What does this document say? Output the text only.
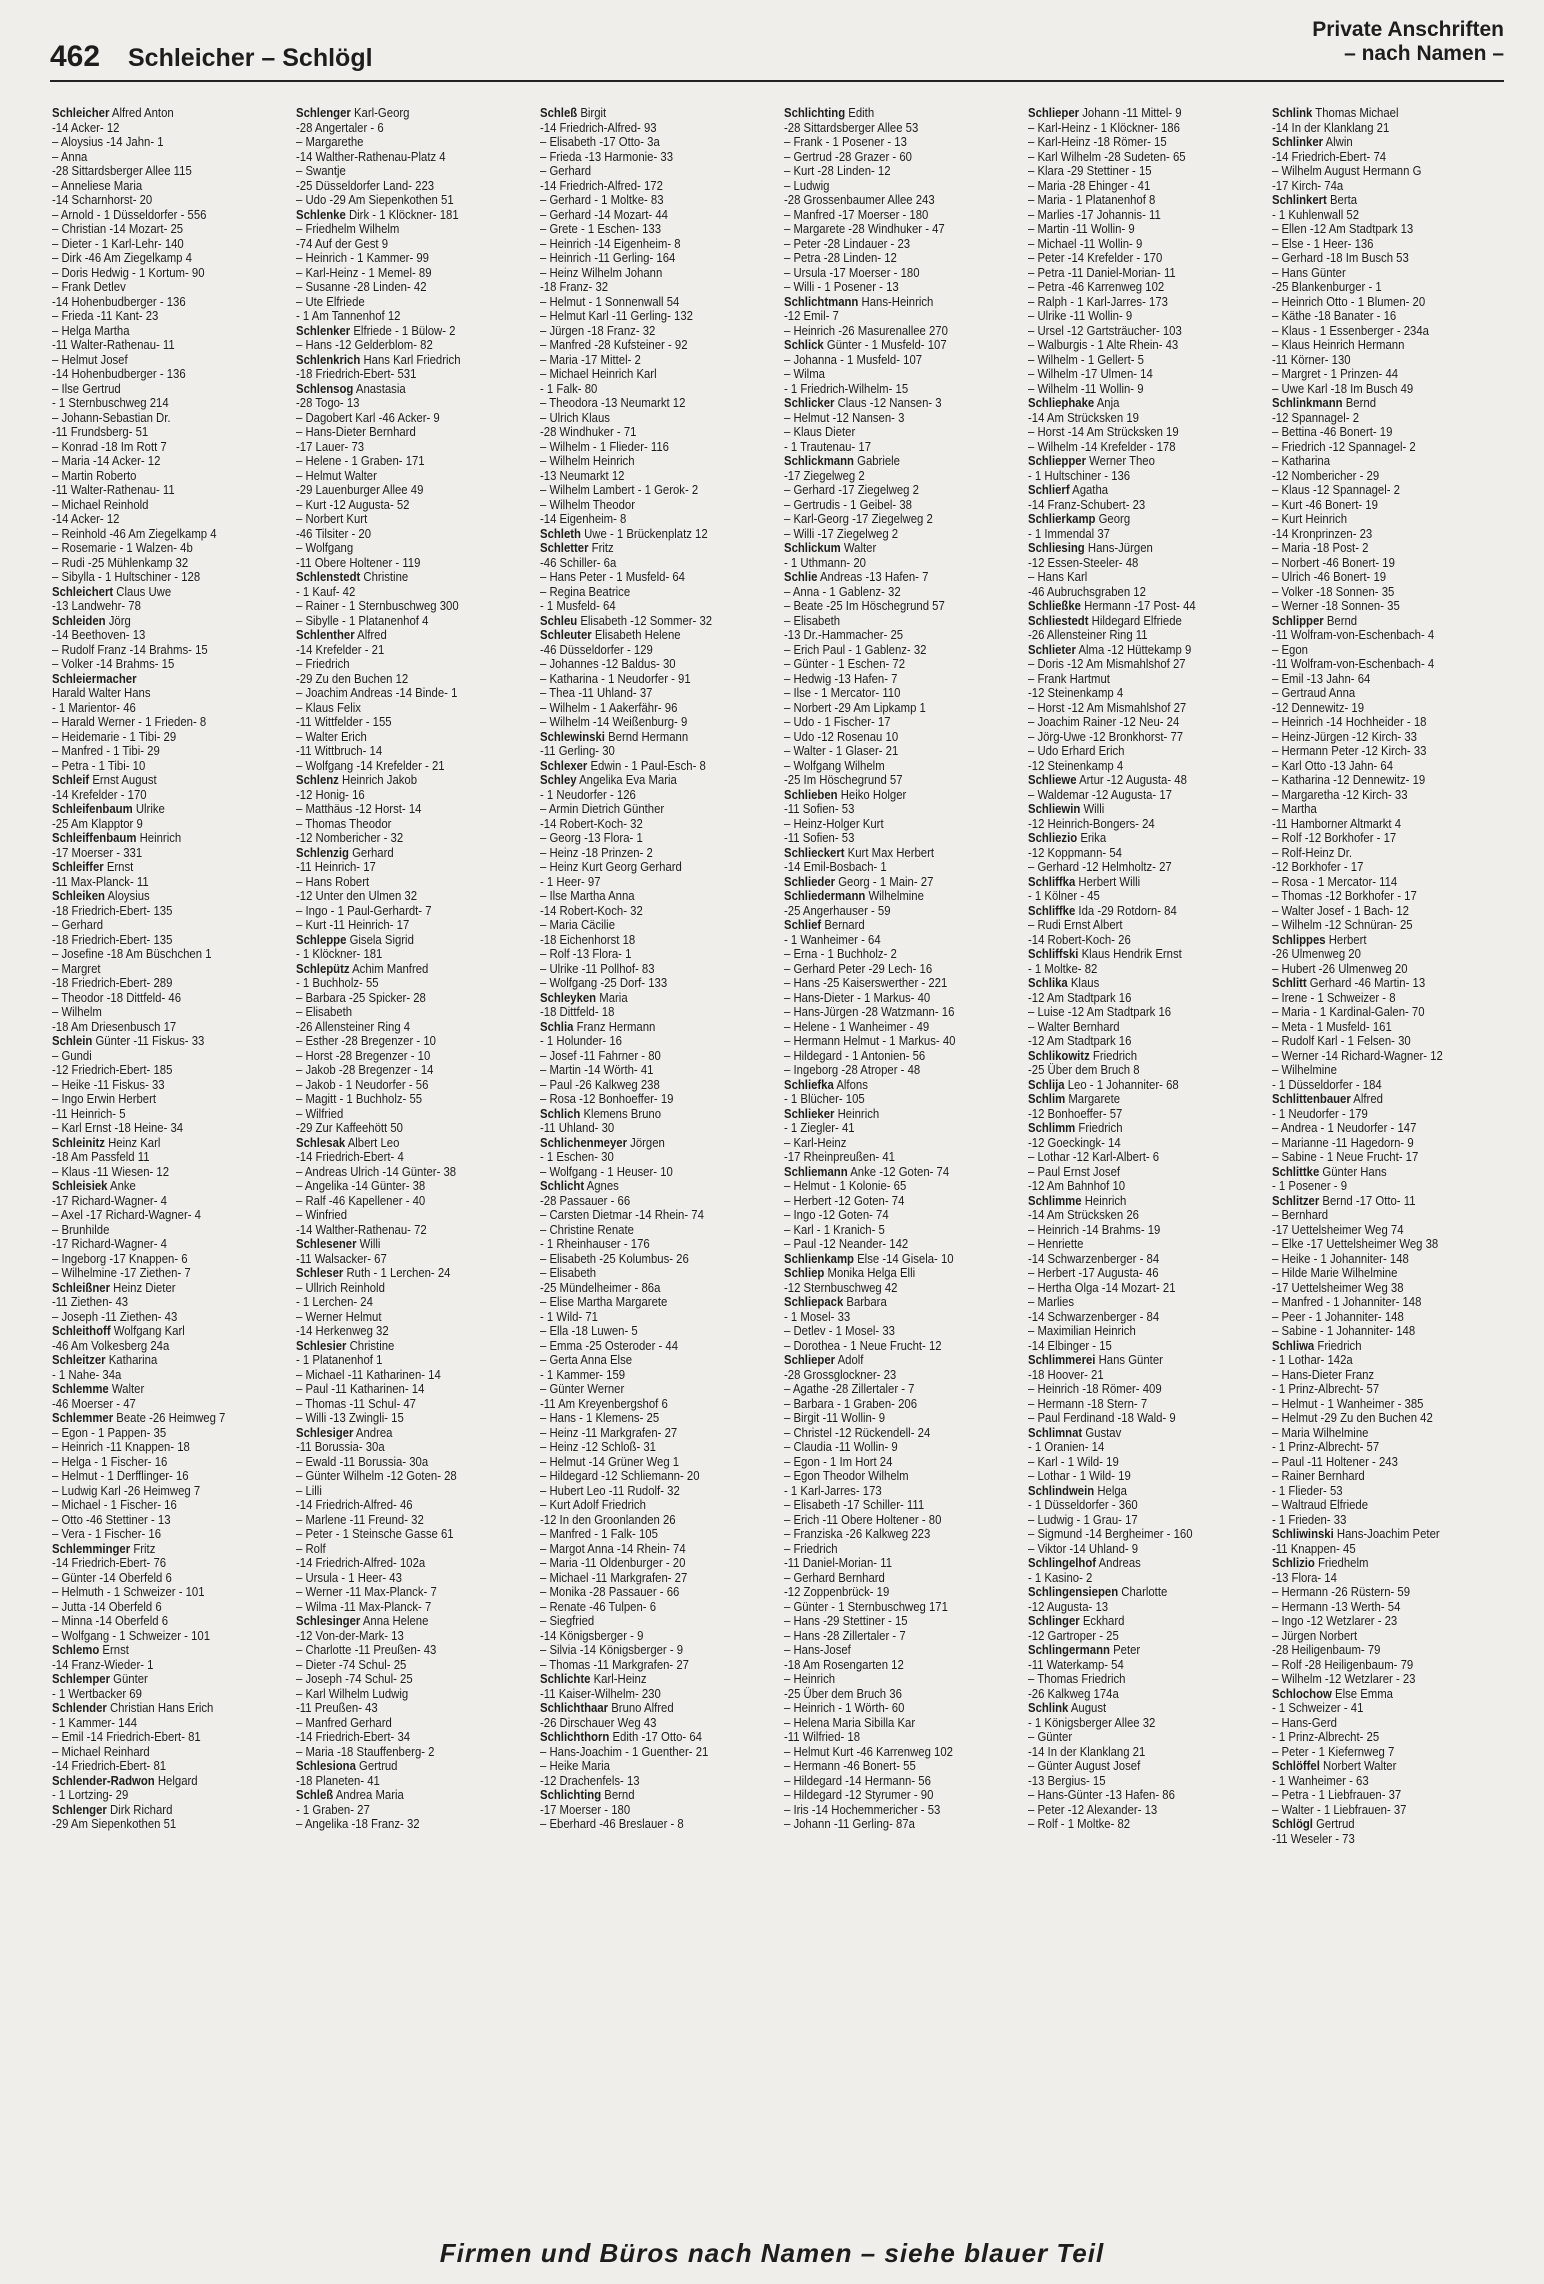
462 Schleicher – Schlögl
Private Anschriften
– nach Namen –
Schleicher Alfred Anton
-14 Acker- 12
– Aloysius -14 Jahn- 1
– Anna
-28 Sittardsberger Allee 115
– Anneliese Maria
-14 Scharnhorst- 20
– Arnold - 1 Düsseldorfer - 556
– Christian -14 Mozart- 25
– Dieter - 1 Karl-Lehr- 140
– Dirk -46 Am Ziegelkamp 4
– Doris Hedwig - 1 Kortum- 90
– Frank Detlev
-14 Hohenbudberger - 136
– Frieda -11 Kant- 23
– Helga Martha
-11 Walter-Rathenau- 11
– Helmut Josef
-14 Hohenbudberger - 136
– Ilse Gertrud
- 1 Sternbuschweg 214
– Johann-Sebastian Dr.
-11 Frundsberg- 51
– Konrad -18 Im Rott 7
– Maria -14 Acker- 12
– Martin Roberto
-11 Walter-Rathenau- 11
– Michael Reinhold
-14 Acker- 12
– Reinhold -46 Am Ziegelkamp 4
– Rosemarie - 1 Walzen- 4b
– Rudi -25 Mühlenkamp 32
– Sibylla - 1 Hultschiner - 128
Schleichert Claus Uwe
-13 Landwehr- 78
Schleiden Jörg
-14 Beethoven- 13
– Rudolf Franz -14 Brahms- 15
– Volker -14 Brahms- 15
Schleiermacher
Harald Walter Hans
- 1 Marientor- 46
– Harald Werner - 1 Frieden- 8
– Heidemarie - 1 Tibi- 29
– Manfred - 1 Tibi- 29
– Petra - 1 Tibi- 10
Schleif Ernst August
-14 Krefelder - 170
Schleifenbaum Ulrike
-25 Am Klapptor 9
Schleiffenbaum Heinrich
-17 Moerser - 331
Schleiffer Ernst
-11 Max-Planck- 11
Schleiken Aloysius
-18 Friedrich-Ebert- 135
– Gerhard
-18 Friedrich-Ebert- 135
– Josefine -18 Am Büschchen 1
– Margret
-18 Friedrich-Ebert- 289
– Theodor -18 Dittfeld- 46
– Wilhelm
-18 Am Driesenbusch 17
Schlein Günter -11 Fiskus- 33
– Gundi
-12 Friedrich-Ebert- 185
– Heike -11 Fiskus- 33
– Ingo Erwin Herbert
-11 Heinrich- 5
– Karl Ernst -18 Heine- 34
Schleinitz Heinz Karl
-18 Am Passfeld 11
– Klaus -11 Wiesen- 12
Schleisiek Anke
-17 Richard-Wagner- 4
– Axel -17 Richard-Wagner- 4
– Brunhilde
-17 Richard-Wagner- 4
– Ingeborg -17 Knappen- 6
– Wilhelmine -17 Ziethen- 7
Schleißner Heinz Dieter
-11 Ziethen- 43
– Joseph -11 Ziethen- 43
Schleithoff Wolfgang Karl
-46 Am Volkesberg 24a
Schleitzer Katharina
- 1 Nahe- 34a
Schlemme Walter
-46 Moerser - 47
Schlemmer Beate -26 Heimweg 7
– Egon - 1 Pappen- 35
– Heinrich -11 Knappen- 18
– Helga - 1 Fischer- 16
– Helmut - 1 Derfflinger- 16
– Ludwig Karl -26 Heimweg 7
– Michael - 1 Fischer- 16
– Otto -46 Stettiner - 13
– Vera - 1 Fischer- 16
Schlemminger Fritz
-14 Friedrich-Ebert- 76
– Günter -14 Oberfeld 6
– Helmuth - 1 Schweizer - 101
– Jutta -14 Oberfeld 6
– Minna -14 Oberfeld 6
– Wolfgang - 1 Schweizer - 101
Schlemo Ernst
-14 Franz-Wieder- 1
Schlemper Günter
- 1 Wertbacker 69
Schlender Christian Hans Erich
- 1 Kammer- 144
– Emil -14 Friedrich-Ebert- 81
– Michael Reinhard
-14 Friedrich-Ebert- 81
Schlender-Radwon Helgard
- 1 Lortzing- 29
Schlenger Dirk Richard
-29 Am Siepenkothen 51
Schlenger Karl-Georg
-28 Angertaler - 6
– Margarethe
-14 Walther-Rathenau-Platz 4
– Swantje
-25 Düsseldorfer Land- 223
– Udo -29 Am Siepenkothen 51
Schlenke Dirk - 1 Klöckner- 181
– Friedhelm Wilhelm
-74 Auf der Gest 9
– Heinrich - 1 Kammer- 99
– Karl-Heinz - 1 Memel- 89
– Susanne -28 Linden- 42
– Ute Elfriede
- 1 Am Tannenhof 12
Schlenker Elfriede - 1 Bülow- 2
– Hans -12 Gelderblom- 82
Schlenkrich Hans Karl Friedrich
-18 Friedrich-Ebert- 531
Schlensog Anastasia
-28 Togo- 13
– Dagobert Karl -46 Acker- 9
– Hans-Dieter Bernhard
-17 Lauer- 73
– Helene - 1 Graben- 171
– Helmut Walter
-29 Lauenburger Allee 49
– Kurt -12 Augusta- 52
– Norbert Kurt
-46 Tilsiter - 20
– Wolfgang
-11 Obere Holtener - 119
Schlenstedt Christine
- 1 Kauf- 42
– Rainer - 1 Sternbuschweg 300
– Sibylle - 1 Platanenhof 4
Schlenther Alfred
-14 Krefelder - 21
– Friedrich
-29 Zu den Buchen 12
– Joachim Andreas -14 Binde- 1
– Klaus Felix
-11 Wittfelder - 155
– Walter Erich
-11 Wittbruch- 14
– Wolfgang -14 Krefelder - 21
Schlenz Heinrich Jakob
-12 Honig- 16
– Matthäus -12 Horst- 14
– Thomas Theodor
-12 Nombericher - 32
Schlenzig Gerhard
-11 Heinrich- 17
– Hans Robert
-12 Unter den Ulmen 32
– Ingo - 1 Paul-Gerhardt- 7
– Kurt -11 Heinrich- 17
Schleppe Gisela Sigrid
- 1 Klöckner- 181
Schlepütz Achim Manfred
- 1 Buchholz- 55
– Barbara -25 Spicker- 28
– Elisabeth
-26 Allensteiner Ring 4
– Esther -28 Bregenzer - 10
– Horst -28 Bregenzer - 10
– Jakob -28 Bregenzer - 14
– Jakob - 1 Neudorfer - 56
– Magitt - 1 Buchholz- 55
– Wilfried
-29 Zur Kaffeehött 50
Schlesak Albert Leo
-14 Friedrich-Ebert- 4
– Andreas Ulrich -14 Günter- 38
– Angelika -14 Günter- 38
– Ralf -46 Kapellener - 40
– Winfried
-14 Walther-Rathenau- 72
Schlesener Willi
-11 Walsacker- 67
Schleser Ruth - 1 Lerchen- 24
– Ullrich Reinhold
- 1 Lerchen- 24
– Werner Helmut
-14 Herkenweg 32
Schlesier Christine
- 1 Platanenhof 1
– Michael -11 Katharinen- 14
– Paul -11 Katharinen- 14
– Thomas -11 Schul- 47
– Willi -13 Zwingli- 15
Schlesiger Andrea
-11 Borussia- 30a
– Ewald -11 Borussia- 30a
– Günter Wilhelm -12 Goten- 28
– Lilli
-14 Friedrich-Alfred- 46
– Marlene -11 Freund- 32
– Peter - 1 Steinsche Gasse 61
– Rolf
-14 Friedrich-Alfred- 102a
– Ursula - 1 Heer- 43
– Werner -11 Max-Planck- 7
– Wilma -11 Max-Planck- 7
Schlesinger Anna Helene
-12 Von-der-Mark- 13
– Charlotte -11 Preußen- 43
– Dieter -74 Schul- 25
– Joseph -74 Schul- 25
– Karl Wilhelm Ludwig
-11 Preußen- 43
– Manfred Gerhard
-14 Friedrich-Ebert- 34
– Maria -18 Stauffenberg- 2
Schlesiona Gertrud
-18 Planeten- 41
Schleß Andrea Maria
- 1 Graben- 27
– Angelika -18 Franz- 32
Schleß Birgit
-14 Friedrich-Alfred- 93
– Elisabeth -17 Otto- 3a
– Frieda -13 Harmonie- 33
– Gerhard
-14 Friedrich-Alfred- 172
– Gerhard - 1 Moltke- 83
– Gerhard -14 Mozart- 44
– Grete - 1 Eschen- 133
– Heinrich -14 Eigenheim- 8
– Heinrich -11 Gerling- 164
– Heinz Wilhelm Johann
-18 Franz- 32
– Helmut - 1 Sonnenwall 54
– Helmut Karl -11 Gerling- 132
– Jürgen -18 Franz- 32
– Manfred -28 Kufsteiner - 92
– Maria -17 Mittel- 2
– Michael Heinrich Karl
- 1 Falk- 80
– Theodora -13 Neumarkt 12
– Ulrich Klaus
-28 Windhuker - 71
– Wilhelm - 1 Flieder- 116
– Wilhelm Heinrich
-13 Neumarkt 12
– Wilhelm Lambert - 1 Gerok- 2
– Wilhelm Theodor
-14 Eigenheim- 8
Schleth Uwe - 1 Brückenplatz 12
Schletter Fritz
-46 Schiller- 6a
– Hans Peter - 1 Musfeld- 64
– Regina Beatrice
- 1 Musfeld- 64
Schleu Elisabeth -12 Sommer- 32
Schleuter Elisabeth Helene
-46 Düsseldorfer - 129
– Johannes -12 Baldus- 30
– Katharina - 1 Neudorfer - 91
– Thea -11 Uhland- 37
– Wilhelm - 1 Aakerfähr- 96
– Wilhelm -14 Weißenburg- 9
Schlewinski Bernd Hermann
-11 Gerling- 30
Schlexer Edwin - 1 Paul-Esch- 8
Schley Angelika Eva Maria
- 1 Neudorfer - 126
– Armin Dietrich Günther
-14 Robert-Koch- 32
– Georg -13 Flora- 1
– Heinz -18 Prinzen- 2
– Heinz Kurt Georg Gerhard
- 1 Heer- 97
– Ilse Martha Anna
-14 Robert-Koch- 32
– Maria Cäcilie
-18 Eichenhorst 18
– Rolf -13 Flora- 1
– Ulrike -11 Pollhof- 83
– Wolfgang -25 Dorf- 133
Schleyken Maria
-18 Dittfeld- 18
Schlia Franz Hermann
- 1 Holunder- 16
– Josef -11 Fahrner - 80
– Martin -14 Wörth- 41
– Paul -26 Kalkweg 238
– Rosa -12 Bonhoeffer- 19
Schlich Klemens Bruno
-11 Uhland- 30
Schlichenmeyer Jörgen
- 1 Eschen- 30
– Wolfgang - 1 Heuser- 10
Schlicht Agnes
-28 Passauer - 66
– Carsten Dietmar -14 Rhein- 74
– Christine Renate
- 1 Rheinhauser - 176
– Elisabeth -25 Kolumbus- 26
– Elisabeth
-25 Mündelheimer - 86a
– Elise Martha Margarete
- 1 Wild- 71
– Ella -18 Luwen- 5
– Emma -25 Osteroder - 44
– Gerta Anna Else
- 1 Kammer- 159
– Günter Werner
-11 Am Kreyenbergshof 6
– Hans - 1 Klemens- 25
– Heinz -11 Markgrafen- 27
– Heinz -12 Schloß- 31
– Helmut -14 Grüner Weg 1
– Hildegard -12 Schliemann- 20
– Hubert Leo -11 Rudolf- 32
– Kurt Adolf Friedrich
-12 In den Groonlanden 26
– Manfred - 1 Falk- 105
– Margot Anna -14 Rhein- 74
– Maria -11 Oldenburger - 20
– Michael -11 Markgrafen- 27
– Monika -28 Passauer - 66
– Renate -46 Tulpen- 6
– Siegfried
-14 Königsberger - 9
– Silvia -14 Königsberger - 9
– Thomas -11 Markgrafen- 27
Schlichte Karl-Heinz
-11 Kaiser-Wilhelm- 230
Schlichthaar Bruno Alfred
-26 Dirschauer Weg 43
Schlichthorn Edith -17 Otto- 64
– Hans-Joachim - 1 Guenther- 21
– Heike Maria
-12 Drachenfels- 13
Schlichting Bernd
-17 Moerser - 180
– Eberhard -46 Breslauer - 8
Schlichting Edith
-28 Sittardsberger Allee 53
– Frank - 1 Posener - 13
– Gertrud -28 Grazer - 60
– Kurt -28 Linden- 12
– Ludwig
-28 Grossenbaumer Allee 243
– Manfred -17 Moerser - 180
– Margarete -28 Windhuker - 47
– Peter -28 Lindauer - 23
– Petra -28 Linden- 12
– Ursula -17 Moerser - 180
– Willi - 1 Posener - 13
Schlichtmann Hans-Heinrich
-12 Emil- 7
– Heinrich -26 Masurenallee 270
Schlick Günter - 1 Musfeld- 107
– Johanna - 1 Musfeld- 107
– Wilma
- 1 Friedrich-Wilhelm- 15
Schlicker Claus -12 Nansen- 3
– Helmut -12 Nansen- 3
– Klaus Dieter
- 1 Trautenau- 17
Schlickmann Gabriele
-17 Ziegelweg 2
– Gerhard -17 Ziegelweg 2
– Gertrudis - 1 Geibel- 38
– Karl-Georg -17 Ziegelweg 2
– Willi -17 Ziegelweg 2
Schlickum Walter
- 1 Uthmann- 20
Schlie Andreas -13 Hafen- 7
– Anna - 1 Gablenz- 32
– Beate -25 Im Höschegrund 57
– Elisabeth
-13 Dr.-Hammacher- 25
– Erich Paul - 1 Gablenz- 32
– Günter - 1 Eschen- 72
– Hedwig -13 Hafen- 7
– Ilse - 1 Mercator- 110
– Norbert -29 Am Lipkamp 1
– Udo - 1 Fischer- 17
– Udo -12 Rosenau 10
– Walter - 1 Glaser- 21
– Wolfgang Wilhelm
-25 Im Höschegrund 57
Schlieben Heiko Holger
-11 Sofien- 53
– Heinz-Holger Kurt
-11 Sofien- 53
Schlieckert Kurt Max Herbert
-14 Emil-Bosbach- 1
Schlieder Georg - 1 Main- 27
Schliedermann Wilhelmine
-25 Angerhauser - 59
Schlief Bernard
- 1 Wanheimer - 64
– Erna - 1 Buchholz- 2
– Gerhard Peter -29 Lech- 16
– Hans -25 Kaiserswerther - 221
– Hans-Dieter - 1 Markus- 40
– Hans-Jürgen -28 Watzmann- 16
– Helene - 1 Wanheimer - 49
– Hermann Helmut - 1 Markus- 40
– Hildegard - 1 Antonien- 56
– Ingeborg -28 Atroper - 48
Schliefka Alfons
- 1 Blücher- 105
Schlieker Heinrich
- 1 Ziegler- 41
– Karl-Heinz
-17 Rheinpreußen- 41
Schliemann Anke -12 Goten- 74
– Helmut - 1 Kolonie- 65
– Herbert -12 Goten- 74
– Ingo -12 Goten- 74
– Karl - 1 Kranich- 5
– Paul -12 Neander- 142
Schlienkamp Else -14 Gisela- 10
Schliep Monika Helga Elli
-12 Sternbuschweg 42
Schliepack Barbara
- 1 Mosel- 33
– Detlev - 1 Mosel- 33
– Dorothea - 1 Neue Frucht- 12
Schlieper Adolf
-28 Grossglockner- 23
– Agathe -28 Zillertaler - 7
– Barbara - 1 Graben- 206
– Birgit -11 Wollin- 9
– Christel -12 Rückendell- 24
– Claudia -11 Wollin- 9
– Egon - 1 Im Hort 24
– Egon Theodor Wilhelm
- 1 Karl-Jarres- 173
– Elisabeth -17 Schiller- 111
– Erich -11 Obere Holtener - 80
– Franziska -26 Kalkweg 223
– Friedrich
-11 Daniel-Morian- 11
– Gerhard Bernhard
-12 Zoppenbrück- 19
– Günter - 1 Sternbuschweg 171
– Hans -29 Stettiner - 15
– Hans -28 Zillertaler - 7
– Hans-Josef
-18 Am Rosengarten 12
– Heinrich
-25 Über dem Bruch 36
– Heinrich - 1 Wörth- 60
– Helena Maria Sibilla Kar
-11 Wilfried- 18
– Helmut Kurt -46 Karrenweg 102
– Hermann -46 Bonert- 55
– Hildegard -14 Hermann- 56
– Hildegard -12 Styrumer - 90
– Iris -14 Hochemmericher - 53
– Johann -11 Gerling- 87a
Schlieper Johann -11 Mittel- 9
– Karl-Heinz - 1 Klöckner- 186
– Karl-Heinz -18 Römer- 15
– Karl Wilhelm -28 Sudeten- 65
– Klara -29 Stettiner - 15
– Maria -28 Ehinger - 41
– Maria - 1 Platanenhof 8
– Marlies -17 Johannis- 11
– Martin -11 Wollin- 9
– Michael -11 Wollin- 9
– Peter -14 Krefelder - 170
– Petra -11 Daniel-Morian- 11
– Petra -46 Karrenweg 102
– Ralph - 1 Karl-Jarres- 173
– Ulrike -11 Wollin- 9
– Ursel -12 Gartsträucher- 103
– Walburgis - 1 Alte Rhein- 43
– Wilhelm - 1 Gellert- 5
– Wilhelm -17 Ulmen- 14
– Wilhelm -11 Wollin- 9
Schliephake Anja
-14 Am Strücksken 19
– Horst -14 Am Strücksken 19
– Wilhelm -14 Krefelder - 178
Schliepper Werner Theo
- 1 Hultschiner - 136
Schlierf Agatha
-14 Franz-Schubert- 23
Schlierkamp Georg
- 1 Immendal 37
Schliesing Hans-Jürgen
-12 Essen-Steeler- 48
– Hans Karl
-46 Aubruchsgraben 12
Schließke Hermann -17 Post- 44
Schliestedt Hildegard Elfriede
-26 Allensteiner Ring 11
Schlieter Alma -12 Hüttekamp 9
– Doris -12 Am Mismahlshof 27
– Frank Hartmut
-12 Steinenkamp 4
– Horst -12 Am Mismahlshof 27
– Joachim Rainer -12 Neu- 24
– Jörg-Uwe -12 Bronkhorst- 77
– Udo Erhard Erich
-12 Steinenkamp 4
Schliewe Artur -12 Augusta- 48
– Waldemar -12 Augusta- 17
Schliewin Willi
-12 Heinrich-Bongers- 24
Schliezio Erika
-12 Koppmann- 54
– Gerhard -12 Helmholtz- 27
Schliffka Herbert Willi
- 1 Kölner - 45
Schliffke Ida -29 Rotdorn- 84
– Rudi Ernst Albert
-14 Robert-Koch- 26
Schliffski Klaus Hendrik Ernst
- 1 Moltke- 82
Schlika Klaus
-12 Am Stadtpark 16
– Luise -12 Am Stadtpark 16
– Walter Bernhard
-12 Am Stadtpark 16
Schlikowitz Friedrich
-25 Über dem Bruch 8
Schlija Leo - 1 Johanniter- 68
Schlim Margarete
-12 Bonhoeffer- 57
Schlimm Friedrich
-12 Goeckingk- 14
– Lothar -12 Karl-Albert- 6
– Paul Ernst Josef
-12 Am Bahnhof 10
Schlimme Heinrich
-14 Am Strücksken 26
– Heinrich -14 Brahms- 19
– Henriette
-14 Schwarzenberger - 84
– Herbert -17 Augusta- 46
– Hertha Olga -14 Mozart- 21
– Marlies
-14 Schwarzenberger - 84
– Maximilian Heinrich
-14 Elbinger - 15
Schlimmerei Hans Günter
-18 Hoover- 21
– Heinrich -18 Römer- 409
– Hermann -18 Stern- 7
– Paul Ferdinand -18 Wald- 9
Schlimnat Gustav
- 1 Oranien- 14
– Karl - 1 Wild- 19
– Lothar - 1 Wild- 19
Schlindwein Helga
- 1 Düsseldorfer - 360
– Ludwig - 1 Grau- 17
– Sigmund -14 Bergheimer - 160
– Viktor -14 Uhland- 9
Schlingelhof Andreas
- 1 Kasino- 2
Schlingensiepen Charlotte
-12 Augusta- 13
Schlinger Eckhard
-12 Gartroper - 25
Schlingermann Peter
-11 Waterkamp- 54
– Thomas Friedrich
-26 Kalkweg 174a
Schlink August
- 1 Königsberger Allee 32
– Günter
-14 In der Klanklang 21
– Günter August Josef
-13 Bergius- 15
– Hans-Günter -13 Hafen- 86
– Peter -12 Alexander- 13
– Rolf - 1 Moltke- 82
Schlink Thomas Michael
-14 In der Klanklang 21
Schlinker Alwin
-14 Friedrich-Ebert- 74
– Wilhelm August Hermann G
-17 Kirch- 74a
Schlinkert Berta
- 1 Kuhlenwall 52
– Ellen -12 Am Stadtpark 13
– Else - 1 Heer- 136
– Gerhard -18 Im Busch 53
– Hans Günter
-25 Blankenburger - 1
– Heinrich Otto - 1 Blumen- 20
– Käthe -18 Banater - 16
– Klaus - 1 Essenberger - 234a
– Klaus Heinrich Hermann
-11 Körner- 130
– Margret - 1 Prinzen- 44
– Uwe Karl -18 Im Busch 49
Schlinkmann Bernd
-12 Spannagel- 2
– Bettina -46 Bonert- 19
– Friedrich -12 Spannagel- 2
– Katharina
-12 Nombericher - 29
– Klaus -12 Spannagel- 2
– Kurt -46 Bonert- 19
– Kurt Heinrich
-14 Kronprinzen- 23
– Maria -18 Post- 2
– Norbert -46 Bonert- 19
– Ulrich -46 Bonert- 19
– Volker -18 Sonnen- 35
– Werner -18 Sonnen- 35
Schlipper Bernd
-11 Wolfram-von-Eschenbach- 4
– Egon
-11 Wolfram-von-Eschenbach- 4
– Emil -13 Jahn- 64
– Gertraud Anna
-12 Dennewitz- 19
– Heinrich -14 Hochheider - 18
– Heinz-Jürgen -12 Kirch- 33
– Hermann Peter -12 Kirch- 33
– Karl Otto -13 Jahn- 64
– Katharina -12 Dennewitz- 19
– Margaretha -12 Kirch- 33
– Martha
-11 Hamborner Altmarkt 4
– Rolf -12 Borkhofer - 17
– Rolf-Heinz Dr.
-12 Borkhofer - 17
– Rosa - 1 Mercator- 114
– Thomas -12 Borkhofer - 17
– Walter Josef - 1 Bach- 12
– Wilhelm -12 Schnüran- 25
Schlippes Herbert
-26 Ulmenweg 20
– Hubert -26 Ulmenweg 20
Schlitt Gerhard -46 Martin- 13
– Irene - 1 Schweizer - 8
– Maria - 1 Kardinal-Galen- 70
– Meta - 1 Musfeld- 161
– Rudolf Karl - 1 Felsen- 30
– Werner -14 Richard-Wagner- 12
– Wilhelmine
- 1 Düsseldorfer - 184
Schlittenbauer Alfred
- 1 Neudorfer - 179
– Andrea - 1 Neudorfer - 147
– Marianne -11 Hagedorn- 9
– Sabine - 1 Neue Frucht- 17
Schlittke Günter Hans
- 1 Posener - 9
Schlitzer Bernd -17 Otto- 11
– Bernhard
-17 Uettelsheimer Weg 74
– Elke -17 Uettelsheimer Weg 38
– Heike - 1 Johanniter- 148
– Hilde Marie Wilhelmine
-17 Uettelsheimer Weg 38
– Manfred - 1 Johanniter- 148
– Peer - 1 Johanniter- 148
– Sabine - 1 Johanniter- 148
Schliwa Friedrich
- 1 Lothar- 142a
– Hans-Dieter Franz
- 1 Prinz-Albrecht- 57
– Helmut - 1 Wanheimer - 385
– Helmut -29 Zu den Buchen 42
– Maria Wilhelmine
- 1 Prinz-Albrecht- 57
– Paul -11 Holtener - 243
– Rainer Bernhard
- 1 Flieder- 53
– Waltraud Elfriede
- 1 Frieden- 33
Schliwinski Hans-Joachim Peter
-11 Knappen- 45
Schlizio Friedhelm
-13 Flora- 14
– Hermann -26 Rüstern- 59
– Hermann -13 Werth- 54
– Ingo -12 Wetzlarer - 23
– Jürgen Norbert
-28 Heiligenbaum- 79
– Rolf -28 Heiligenbaum- 79
– Wilhelm -12 Wetzlarer - 23
Schlochow Else Emma
- 1 Schweizer - 41
– Hans-Gerd
- 1 Prinz-Albrecht- 25
– Peter - 1 Kiefernweg 7
Schlöffel Norbert Walter
- 1 Wanheimer - 63
– Petra - 1 Liebfrauen- 37
– Walter - 1 Liebfrauen- 37
Schlögl Gertrud
-11 Weseler - 73
Firmen und Büros nach Namen – siehe blauer Teil
